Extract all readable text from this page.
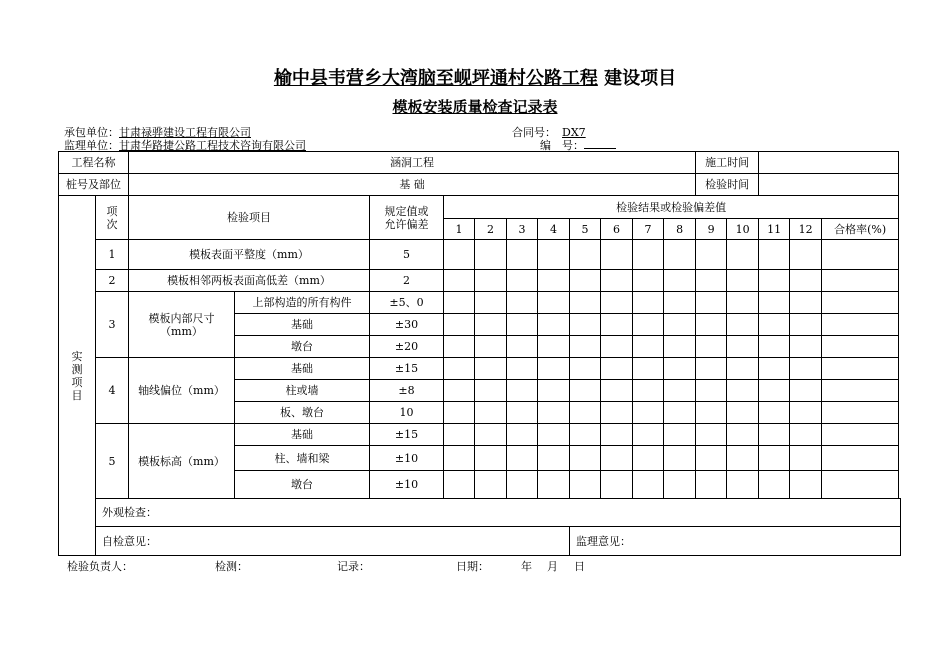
榆中县韦营乡大湾脑至岘坪通村公路工程 建设项目
模板安装质量检查记录表
承包单位：甘肃禄骅建设工程有限公司
监理单位：甘肃华路捷公路工程技术咨询有限公司
合同号： DX7
编　号：
工程名称		涵洞工程											施工时间				
桩号及部位		基 础											检验时间				

实测项目	项次	检验项目		规定值或允许偏差	检验结果或检验偏差值												
					1	2	3	4	5	6	7	8	9	10	11	12	合格率(%)
	1	模板表面平整度（mm）		5													
	2	模板相邻两板表面高低差（mm）		2													
	3	模板内部尺寸（mm）	上部构造的所有构件	±5、0													
			基础	±30													
			墩台	±20													
	4	轴线偏位（mm）	基础	±15													
			柱或墙	±8													
			板、墩台	10													
	5	模板标高（mm）	基础	±15													
			柱、墙和梁	±10													
			墩台	±10													
	外观检查：																
	自检意见：								监理意见：								
检验负责人：	检测：	记录：	日期：	年 月 日
